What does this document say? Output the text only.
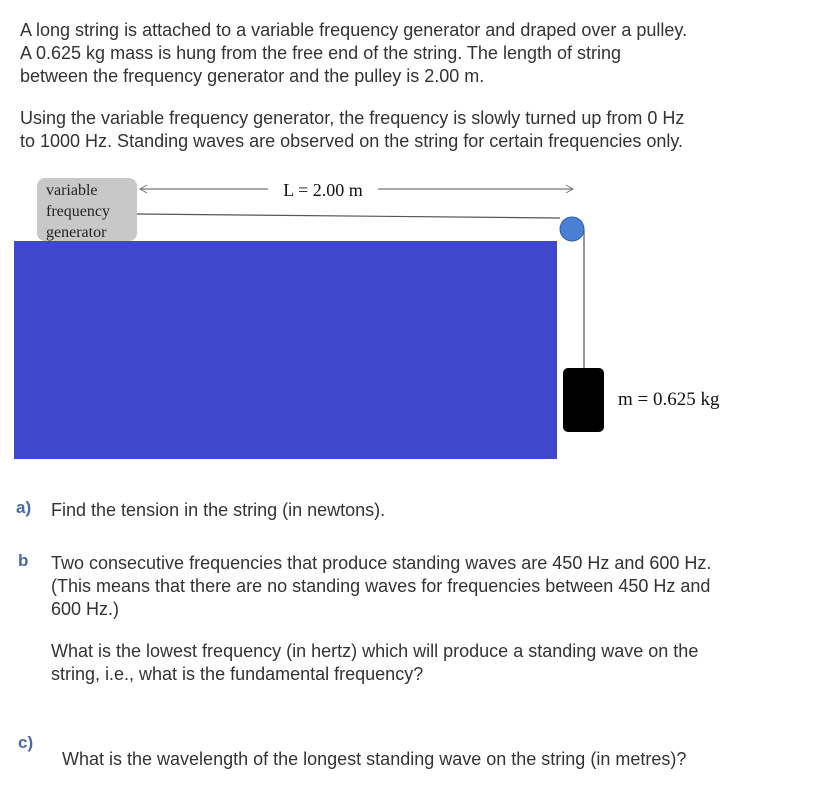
A long string is attached to a variable frequency generator and draped over a pulley.
A 0.625 kg mass is hung from the free end of the string. The length of string
between the frequency generator and the pulley is 2.00 m.
Using the variable frequency generator, the frequency is slowly turned up from 0 Hz
to 1000 Hz. Standing waves are observed on the string for certain frequencies only.
variable
frequency
generator
L = 2.00 m
m = 0.625 kg
a) Find the tension in the string (in newtons).
b Two consecutive frequencies that produce standing waves are 450 Hz and 600 Hz.
(This means that there are no standing waves for frequencies between 450 Hz and
600 Hz.)
What is the lowest frequency (in hertz) which will produce a standing wave on the
string, i.e., what is the fundamental frequency?
c)
What is the wavelength of the longest standing wave on the string (in metres)?
